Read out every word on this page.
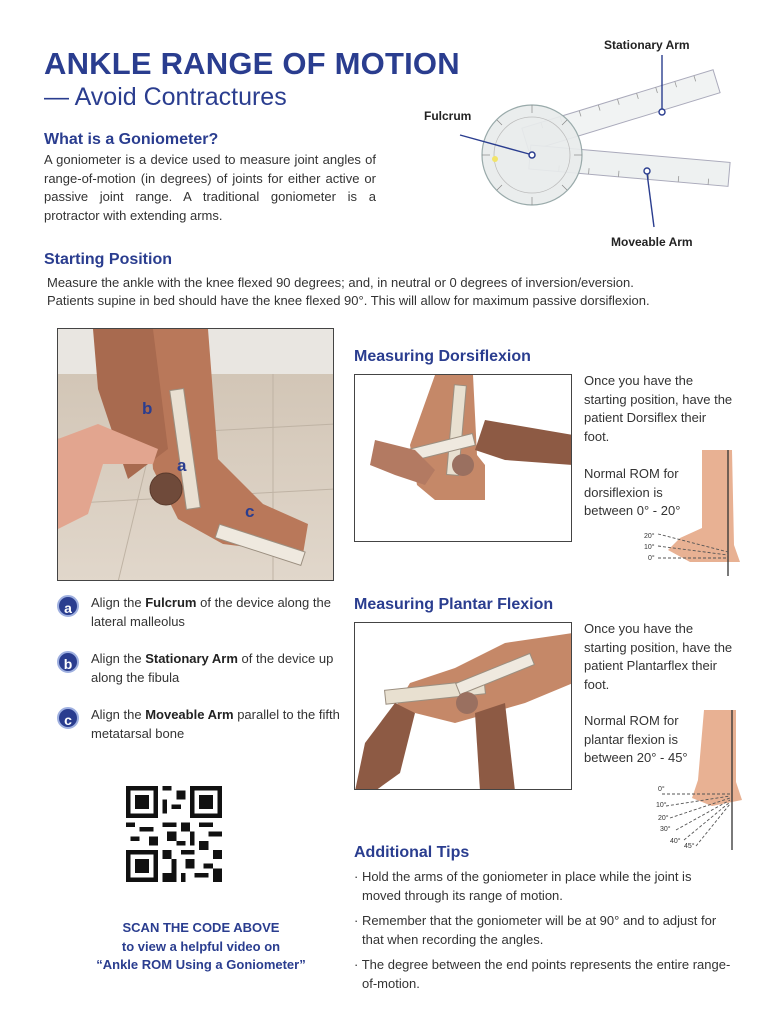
ANKLE RANGE OF MOTION
— Avoid Contractures
What is a Goniometer?
A goniometer is a device used to measure joint angles of range-of-motion (in degrees) of joints for either active or passive joint range. A traditional goniometer is a protractor with extending arms.
Stationary Arm
Fulcrum
Moveable Arm
Starting Position
Measure the ankle with the knee flexed 90 degrees; and, in neutral or 0 degrees of inversion/eversion.
Patients supine in bed should have the knee flexed 90°. This will allow for maximum passive dorsiflexion.
b
a
c
a	Align the Fulcrum of the device along the lateral malleolus
b	Align the Stationary Arm of the device up along the fibula
c	Align the Moveable Arm parallel to the fifth metatarsal bone
SCAN THE CODE ABOVE
to view a helpful video on
“Ankle ROM Using a Goniometer”
Measuring Dorsiflexion
Once you have the starting position, have the patient Dorsiflex their foot.
Normal ROM for dorsiflexion is between 0° - 20°
20°
10°
0°
Measuring Plantar Flexion
Once you have the starting position, have the patient Plantarflex their foot.
Normal ROM for plantar flexion is between 20° - 45°
0°
10°
20°
30°
40°
45°
Additional Tips
· Hold the arms of the goniometer in place while the joint is moved through its range of motion.
· Remember that the goniometer will be at 90° and to adjust for that when recording the angles.
· The degree between the end points represents the entire range-of-motion.
